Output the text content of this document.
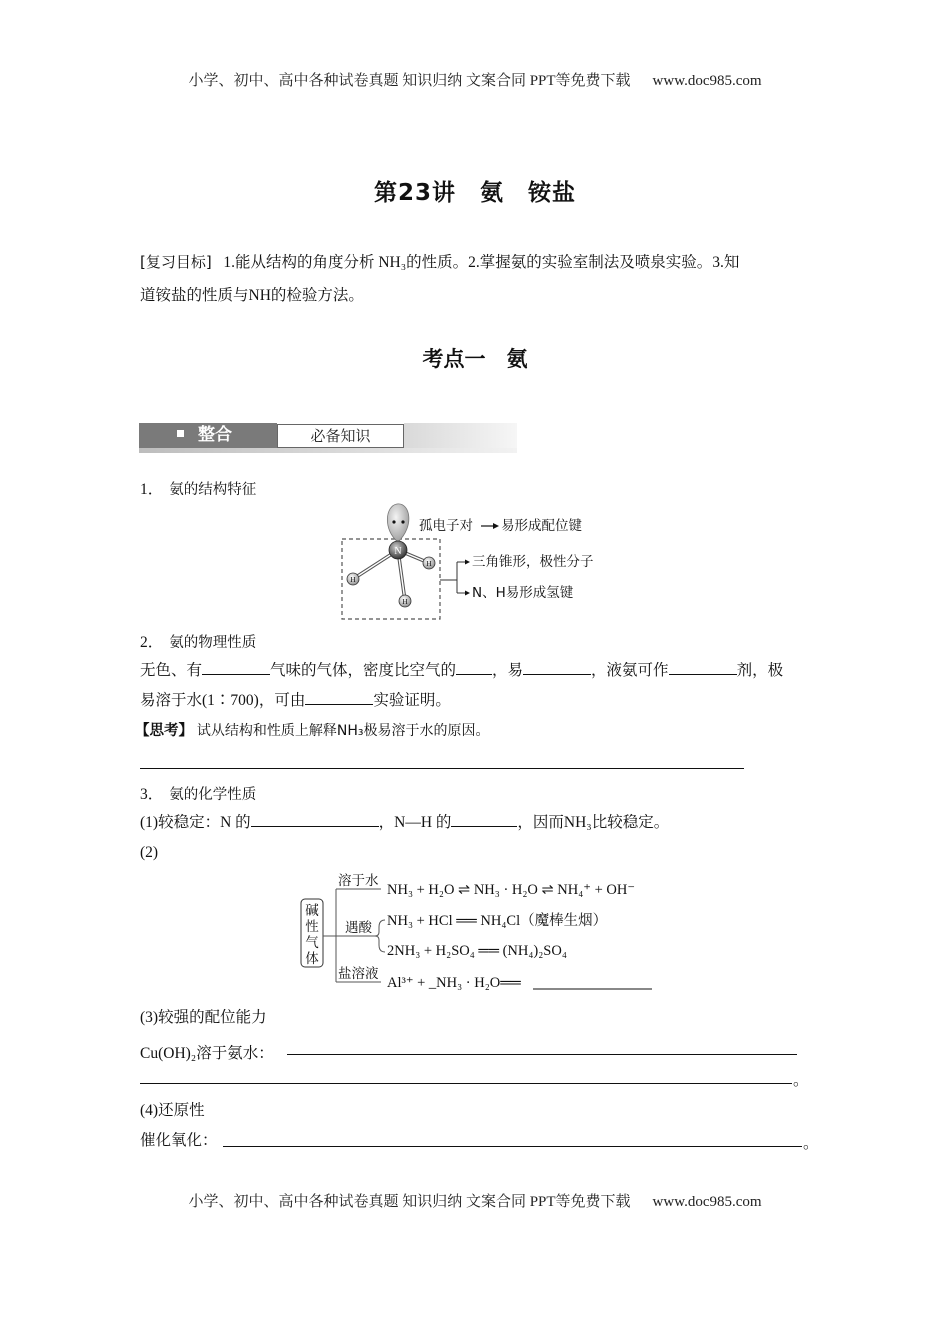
小学、初中、高中各种试卷真题 知识归纳 文案合同 PPT等免费下载 www.doc985.com
第23讲　氨　铵盐
[复习目标] 1.能从结构的角度分析 NH₃的性质。2.掌握氨的实验室制法及喷泉实验。3.知
道铵盐的性质与NH的检验方法。
考点一　氨
整合	必备知识
1． 氨的结构特征
N
H
H
H
孤电子对 易形成配位键
三角锥形，极性分子
N、H易形成氢键
2． 氨的物理性质
无色、有	气味的气体，密度比空气的 ，易	，液氨可作	剂，极
易溶于水(1∶700)，可由	实验证明。
【思考】 试从结构和性质上解释NH₃极易溶于水的原因。
3． 氨的化学性质
(1)较稳定：N 的	，N—H 的	，因而NH₃比较稳定。
(2)
碱
性
气
体
溶于水
遇酸
盐溶液
NH₃ + H₂O ⇌ NH₃ · H₂O ⇌ NH₄⁺ + OH⁻
NH₃ + HCl ══ NH₄Cl（魔棒生烟）
2NH₃ + H₂SO₄ ══ (NH₄)₂SO₄
Al³⁺ + _NH₃ · H₂O══
(3)较强的配位能力
Cu(OH)₂溶于氨水：
。
(4)还原性
催化氧化：	。
小学、初中、高中各种试卷真题 知识归纳 文案合同 PPT等免费下载 www.doc985.com
